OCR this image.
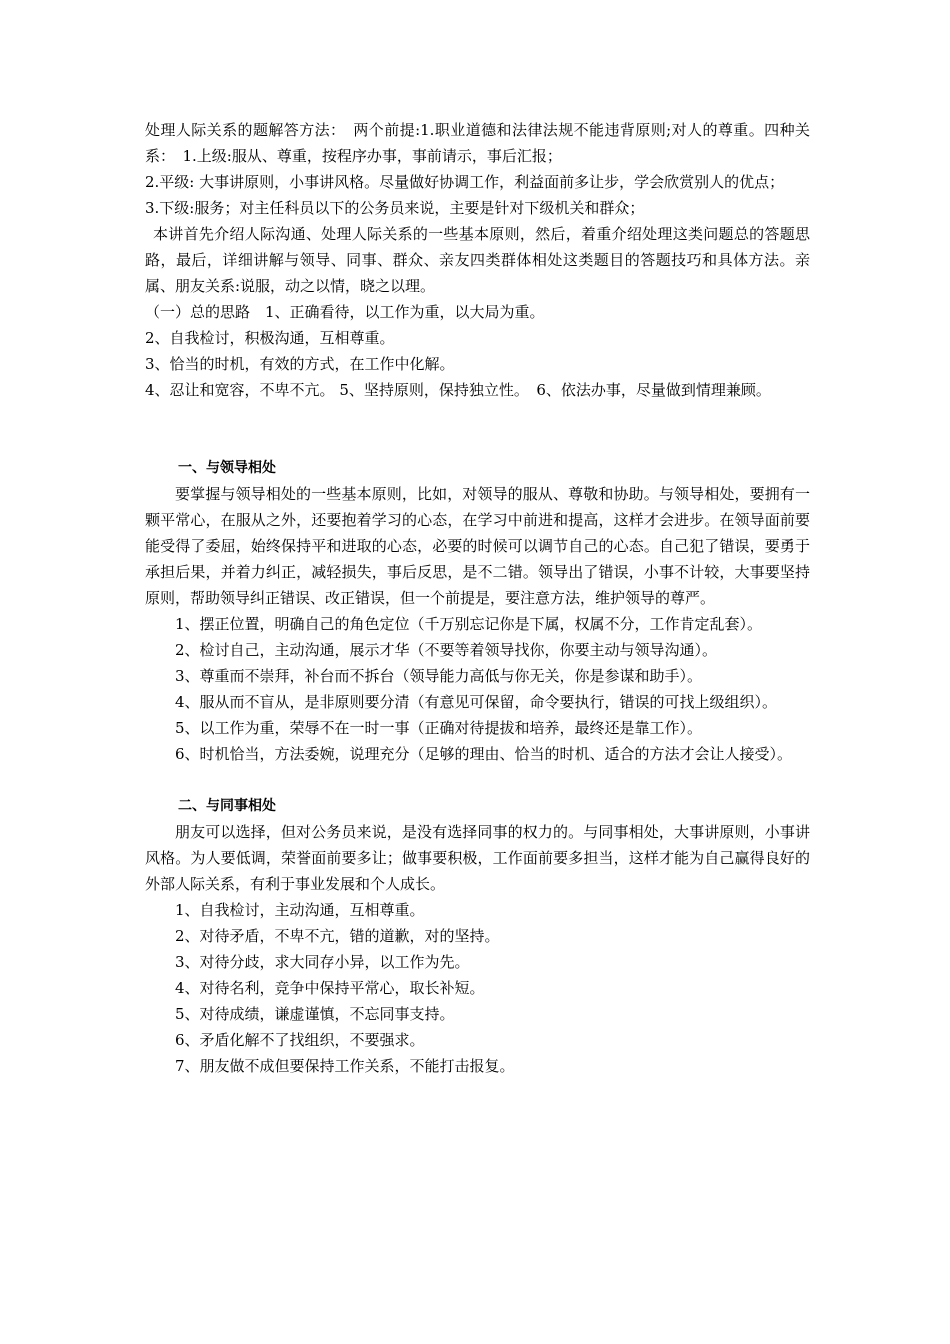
处理人际关系的题解答方法：　两个前提:1.职业道德和法律法规不能违背原则;对人的尊重。四种关系：　1.上级:服从、尊重，按程序办事，事前请示，事后汇报；

2.平级: 大事讲原则，小事讲风格。尽量做好协调工作，利益面前多让步，学会欣赏别人的优点；

3.下级:服务；对主任科员以下的公务员来说，主要是针对下级机关和群众；

本讲首先介绍人际沟通、处理人际关系的一些基本原则，然后，着重介绍处理这类问题总的答题思路，最后，详细讲解与领导、同事、群众、亲友四类群体相处这类题目的答题技巧和具体方法。亲属、朋友关系:说服，动之以情，晓之以理。

（一）总的思路　1、正确看待，以工作为重，以大局为重。

2、自我检讨，积极沟通，互相尊重。

3、恰当的时机，有效的方式，在工作中化解。

4、忍让和宽容，不卑不亢。 5、坚持原则，保持独立性。　6、依法办事，尽量做到情理兼顾。

一、与领导相处

要掌握与领导相处的一些基本原则，比如，对领导的服从、尊敬和协助。与领导相处，要拥有一颗平常心，在服从之外，还要抱着学习的心态，在学习中前进和提高，这样才会进步。在领导面前要能受得了委屈，始终保持平和进取的心态，必要的时候可以调节自己的心态。自己犯了错误，要勇于承担后果，并着力纠正，减轻损失，事后反思，是不二错。领导出了错误，小事不计较，大事要坚持原则，帮助领导纠正错误、改正错误，但一个前提是，要注意方法，维护领导的尊严。

1、摆正位置，明确自己的角色定位（千万别忘记你是下属，权属不分，工作肯定乱套）。

2、检讨自己，主动沟通，展示才华（不要等着领导找你，你要主动与领导沟通）。

3、尊重而不崇拜，补台而不拆台（领导能力高低与你无关，你是参谋和助手）。

4、服从而不盲从，是非原则要分清（有意见可保留，命令要执行，错误的可找上级组织）。

5、以工作为重，荣辱不在一时一事（正确对待提拔和培养，最终还是靠工作）。

6、时机恰当，方法委婉，说理充分（足够的理由、恰当的时机、适合的方法才会让人接受）。

二、与同事相处

朋友可以选择，但对公务员来说，是没有选择同事的权力的。与同事相处，大事讲原则，小事讲风格。为人要低调，荣誉面前要多让；做事要积极，工作面前要多担当，这样才能为自己赢得良好的外部人际关系，有利于事业发展和个人成长。

1、自我检讨，主动沟通，互相尊重。

2、对待矛盾，不卑不亢，错的道歉，对的坚持。

3、对待分歧，求大同存小异，以工作为先。

4、对待名利，竞争中保持平常心，取长补短。

5、对待成绩，谦虚谨慎，不忘同事支持。

6、矛盾化解不了找组织，不要强求。

7、朋友做不成但要保持工作关系，不能打击报复。
